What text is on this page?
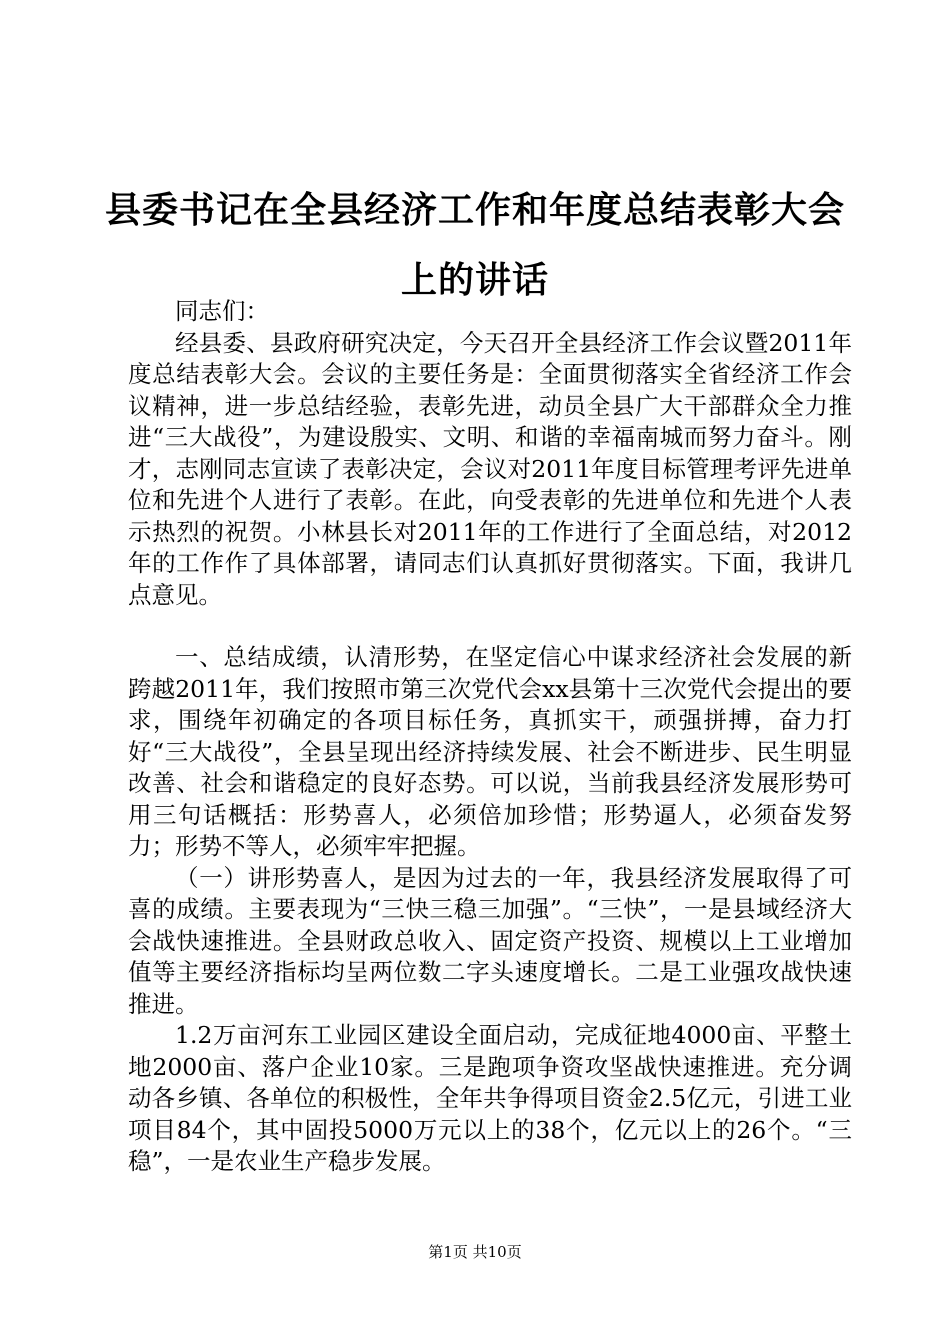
县委书记在全县经济工作和年度总结表彰大会
上的讲话

同志们：

经县委、县政府研究决定，今天召开全县经济工作会议暨2011年度总结表彰大会。会议的主要任务是：全面贯彻落实全省经济工作会议精神，进一步总结经验，表彰先进，动员全县广大干部群众全力推进“三大战役”，为建设殷实、文明、和谐的幸福南城而努力奋斗。刚才，志刚同志宣读了表彰决定，会议对2011年度目标管理考评先进单位和先进个人进行了表彰。在此，向受表彰的先进单位和先进个人表示热烈的祝贺。小林县长对2011年的工作进行了全面总结，对2012年的工作作了具体部署，请同志们认真抓好贯彻落实。下面，我讲几点意见。

一、总结成绩，认清形势，在坚定信心中谋求经济社会发展的新跨越2011年，我们按照市第三次党代会xx县第十三次党代会提出的要求，围绕年初确定的各项目标任务，真抓实干，顽强拼搏，奋力打好“三大战役”，全县呈现出经济持续发展、社会不断进步、民生明显改善、社会和谐稳定的良好态势。可以说，当前我县经济发展形势可用三句话概括：形势喜人，必须倍加珍惜；形势逼人，必须奋发努力；形势不等人，必须牢牢把握。

（一）讲形势喜人，是因为过去的一年，我县经济发展取得了可喜的成绩。主要表现为“三快三稳三加强”。“三快”，一是县域经济大会战快速推进。全县财政总收入、固定资产投资、规模以上工业增加值等主要经济指标均呈两位数二字头速度增长。二是工业强攻战快速推进。

1.2万亩河东工业园区建设全面启动，完成征地4000亩、平整土地2000亩、落户企业10家。三是跑项争资攻坚战快速推进。充分调动各乡镇、各单位的积极性，全年共争得项目资金2.5亿元，引进工业项目84个，其中固投5000万元以上的38个，亿元以上的26个。“三稳”，一是农业生产稳步发展。

第1页 共10页
